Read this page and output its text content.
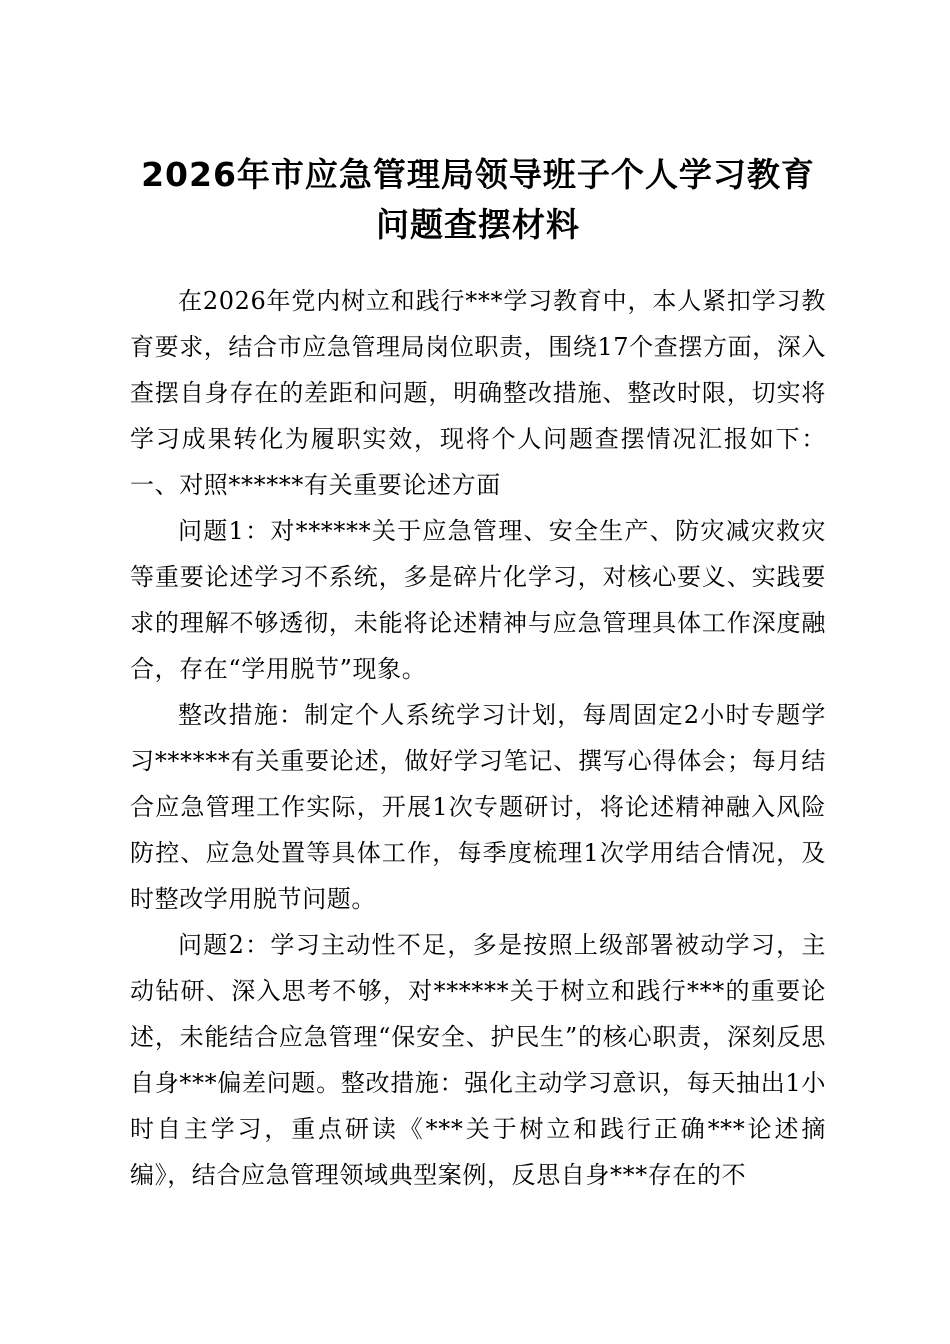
2026年市应急管理局领导班子个人学习教育
问题查摆材料

在2026年党内树立和践行***学习教育中，本人紧扣学习教育要求，结合市应急管理局岗位职责，围绕17个查摆方面，深入查摆自身存在的差距和问题，明确整改措施、整改时限，切实将学习成果转化为履职实效，现将个人问题查摆情况汇报如下：一、对照******有关重要论述方面

问题1：对******关于应急管理、安全生产、防灾减灾救灾等重要论述学习不系统，多是碎片化学习，对核心要义、实践要求的理解不够透彻，未能将论述精神与应急管理具体工作深度融合，存在“学用脱节”现象。

整改措施：制定个人系统学习计划，每周固定2小时专题学习******有关重要论述，做好学习笔记、撰写心得体会；每月结合应急管理工作实际，开展1次专题研讨，将论述精神融入风险防控、应急处置等具体工作，每季度梳理1次学用结合情况，及时整改学用脱节问题。

问题2：学习主动性不足，多是按照上级部署被动学习，主动钻研、深入思考不够，对******关于树立和践行***的重要论述，未能结合应急管理“保安全、护民生”的核心职责，深刻反思自身***偏差问题。整改措施：强化主动学习意识，每天抽出1小时自主学习，重点研读《***关于树立和践行正确***论述摘编》，结合应急管理领域典型案例，反思自身***存在的不
